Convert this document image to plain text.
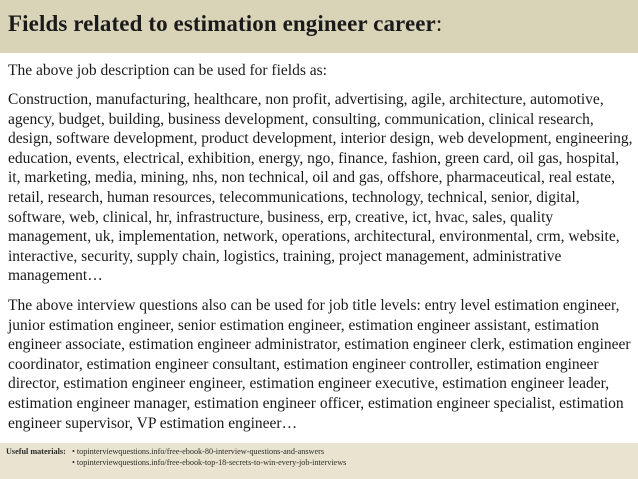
Fields related to estimation engineer career:

The above job description can be used for fields as:

Construction, manufacturing, healthcare, non profit, advertising, agile, architecture, automotive, agency, budget, building, business development, consulting, communication, clinical research, design, software development, product development, interior design, web development, engineering, education, events, electrical, exhibition, energy, ngo, finance, fashion, green card, oil gas, hospital, it, marketing, media, mining, nhs, non technical, oil and gas, offshore, pharmaceutical, real estate, retail, research, human resources, telecommunications, technology, technical, senior, digital, software, web, clinical, hr, infrastructure, business, erp, creative, ict, hvac, sales, quality management, uk, implementation, network, operations, architectural, environmental, crm, website, interactive, security, supply chain, logistics, training, project management, administrative management…

The above interview questions also can be used for job title levels: entry level estimation engineer, junior estimation engineer, senior estimation engineer, estimation engineer assistant, estimation engineer associate, estimation engineer administrator, estimation engineer clerk, estimation engineer coordinator, estimation engineer consultant, estimation engineer controller, estimation engineer director, estimation engineer engineer, estimation engineer executive, estimation engineer leader, estimation engineer manager, estimation engineer officer, estimation engineer specialist, estimation engineer supervisor, VP estimation engineer…

Useful materials: • topinterviewquestions.info/free-ebook-80-interview-questions-and-answers
• topinterviewquestions.info/free-ebook-top-18-secrets-to-win-every-job-interviews
